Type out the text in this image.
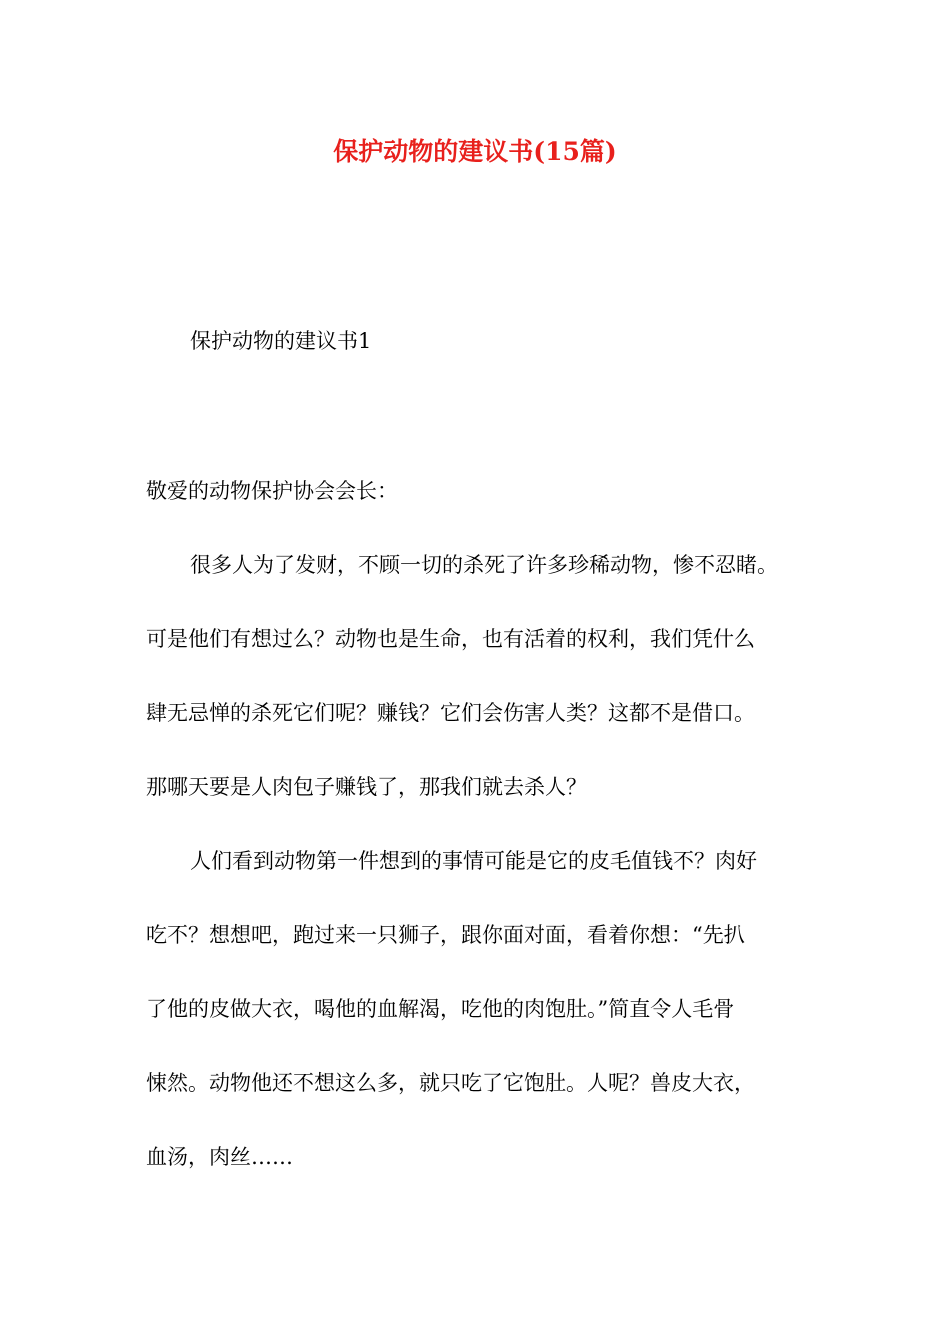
保护动物的建议书(15篇)
保护动物的建议书1
敬爱的动物保护协会会长：

很多人为了发财，不顾一切的杀死了许多珍稀动物，惨不忍睹。
可是他们有想过么？动物也是生命，也有活着的权利，我们凭什么
肆无忌惮的杀死它们呢？赚钱？它们会伤害人类？这都不是借口。
那哪天要是人肉包子赚钱了，那我们就去杀人？

人们看到动物第一件想到的事情可能是它的皮毛值钱不？肉好
吃不？想想吧，跑过来一只狮子，跟你面对面，看着你想：“先扒
了他的皮做大衣，喝他的血解渴，吃他的肉饱肚。”简直令人毛骨
悚然。动物他还不想这么多，就只吃了它饱肚。人呢？兽皮大衣，
血汤，肉丝……
